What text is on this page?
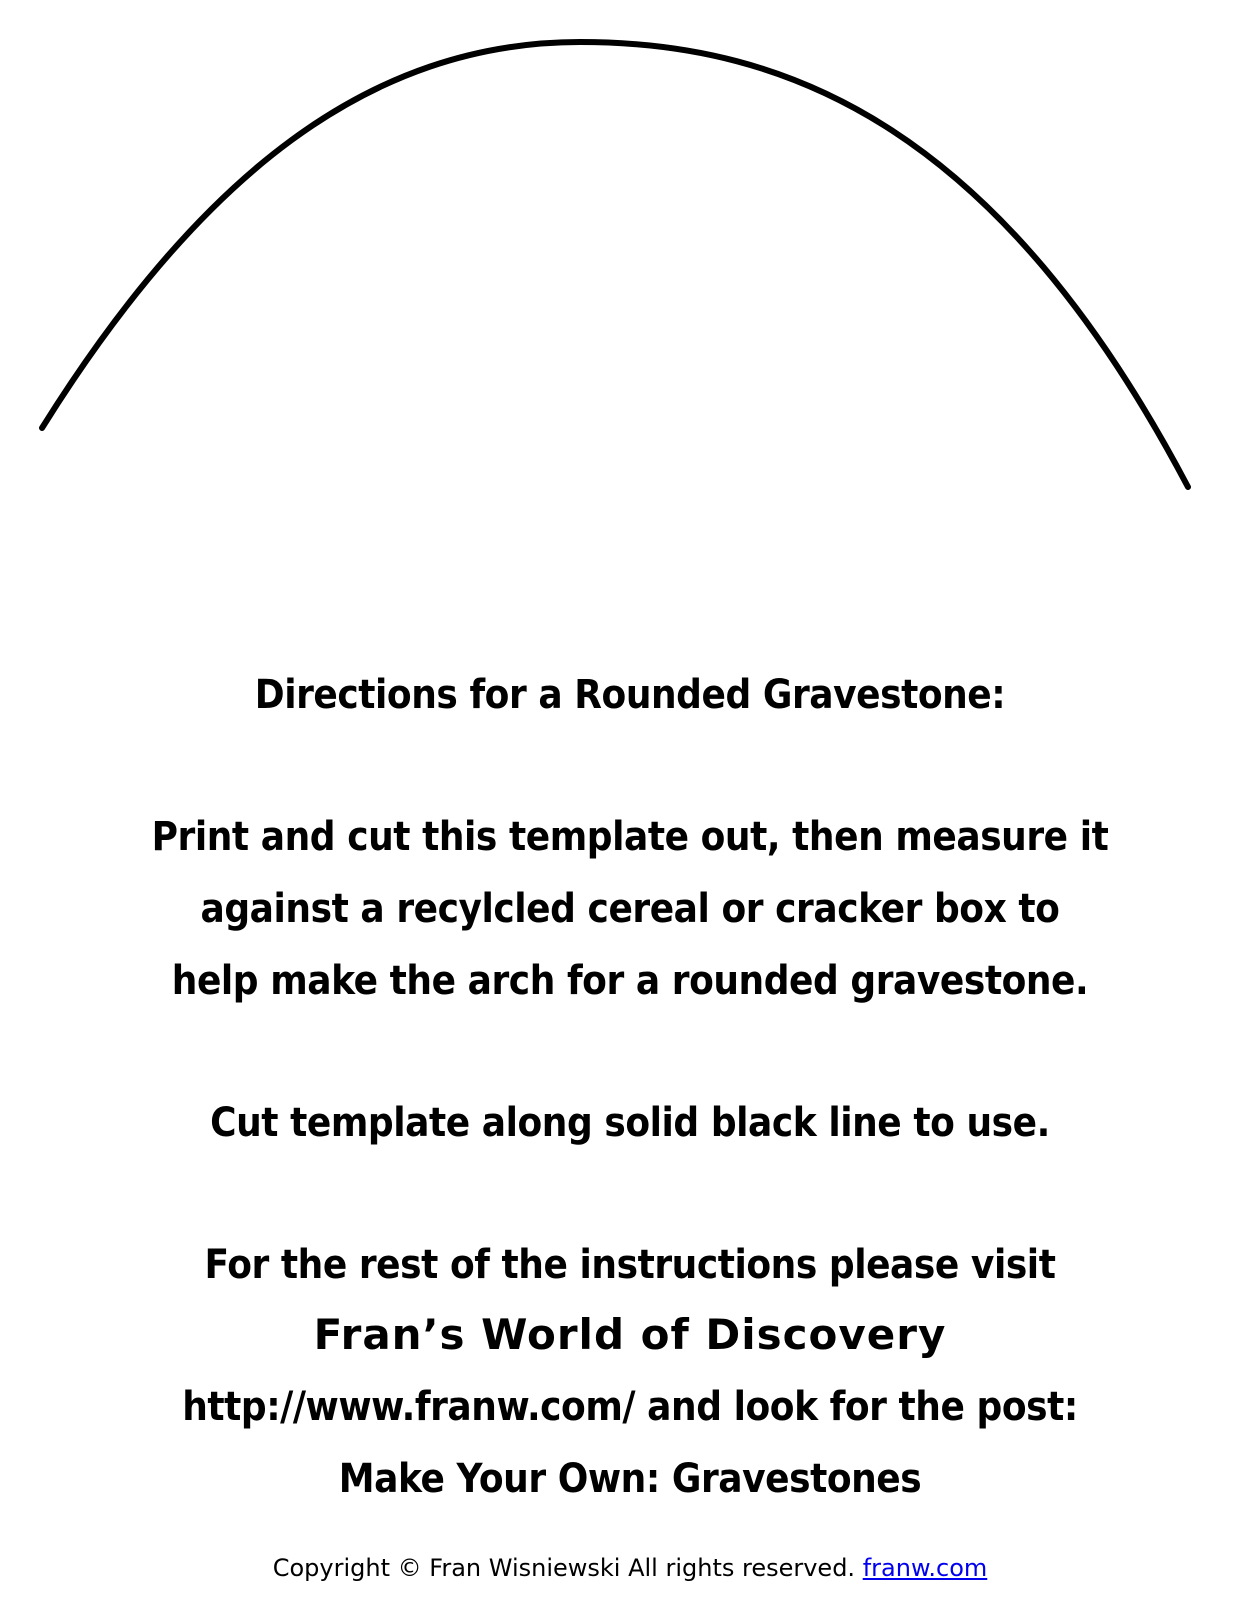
Directions for a Rounded Gravestone:
Print and cut this template out, then measure it
against a recylcled cereal or cracker box to
help make the arch for a rounded gravestone.
Cut template along solid black line to use.
For the rest of the instructions please visit
Fran’s World of Discovery
http://www.franw.com/ and look for the post:
Make Your Own: Gravestones
Copyright © Fran Wisniewski All rights reserved. franw.com
